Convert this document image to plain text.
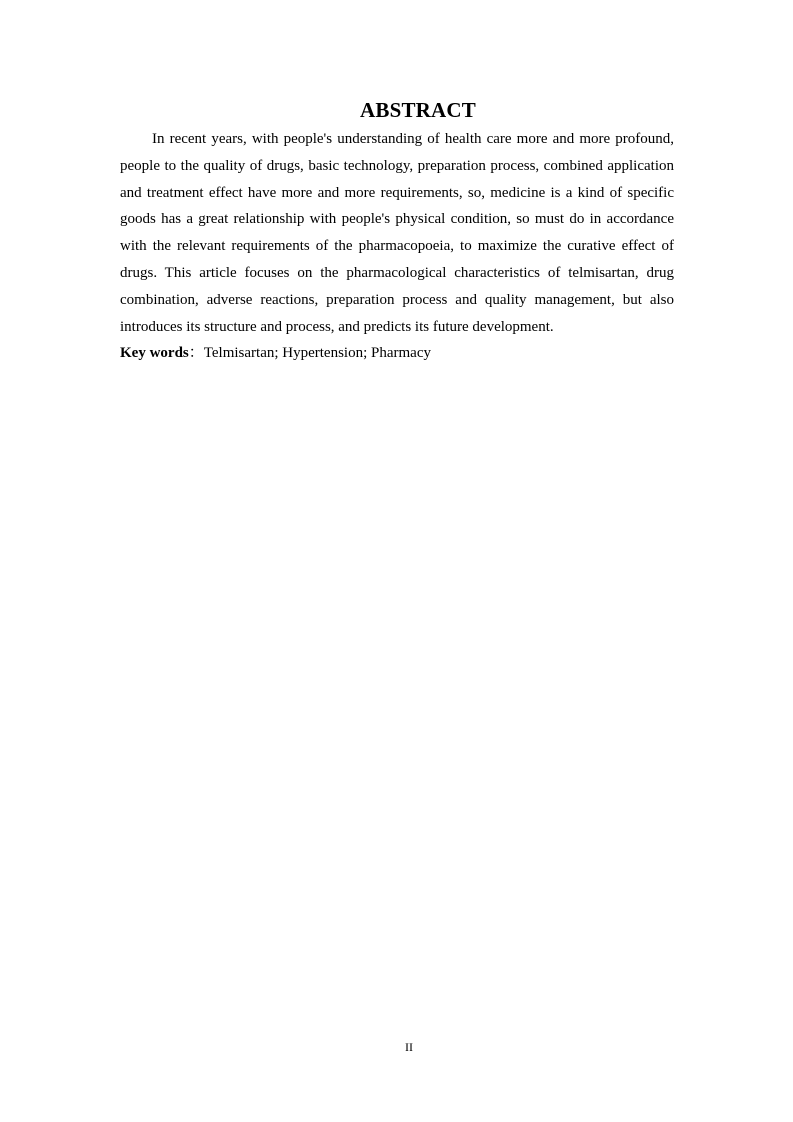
ABSTRACT

In recent years, with people's understanding of health care more and more profound, people to the quality of drugs, basic technology, preparation process, combined application and treatment effect have more and more requirements, so, medicine is a kind of specific goods has a great relationship with people's physical condition, so must do in accordance with the relevant requirements of the pharmacopoeia, to maximize the curative effect of drugs. This article focuses on the pharmacological characteristics of telmisartan, drug combination, adverse reactions, preparation process and quality management, but also introduces its structure and process, and predicts its future development.

Key words：Telmisartan; Hypertension; Pharmacy

II
